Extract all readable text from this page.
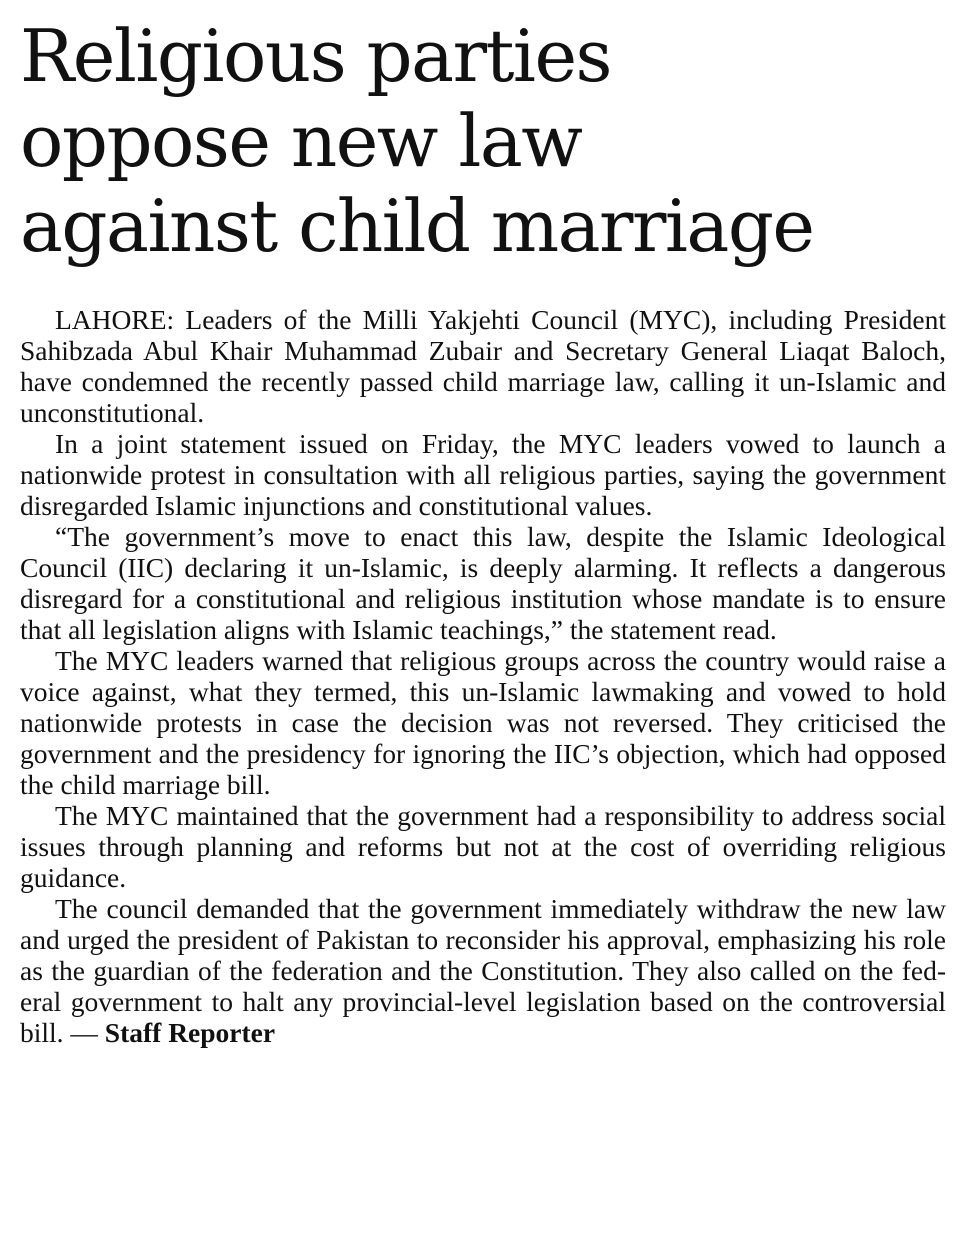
Religious parties
oppose new law
against child marriage

LAHORE: Leaders of the Milli Yakjehti Council (MYC), including President Sahibzada Abul Khair Muhammad Zubair and Secretary General Liaqat Baloch, have condemned the recently passed child marriage law, calling it un-Islamic and unconstitutional.

In a joint statement issued on Friday, the MYC leaders vowed to launch a nationwide protest in consultation with all religious parties, saying the government disregarded Islamic injunctions and constitutional values.

“The government’s move to enact this law, despite the Islamic Ideological Council (IIC) declaring it un-Islamic, is deeply alarming. It reflects a dangerous disregard for a constitutional and religious institution whose mandate is to ensure that all legislation aligns with Islamic teachings,” the statement read.

The MYC leaders warned that religious groups across the country would raise a voice against, what they termed, this un-Islamic lawmaking and vowed to hold nationwide protests in case the decision was not reversed. They criticised the government and the presidency for ignoring the IIC’s objection, which had opposed the child marriage bill.

The MYC maintained that the government had a responsibility to address social issues through planning and reforms but not at the cost of overriding religious guidance.

The council demanded that the government immediately withdraw the new law and urged the president of Pakistan to reconsider his approval, emphasizing his role as the guardian of the federation and the Constitution. They also called on the federal government to halt any provincial-level legislation based on the controversial bill. — Staff Reporter
